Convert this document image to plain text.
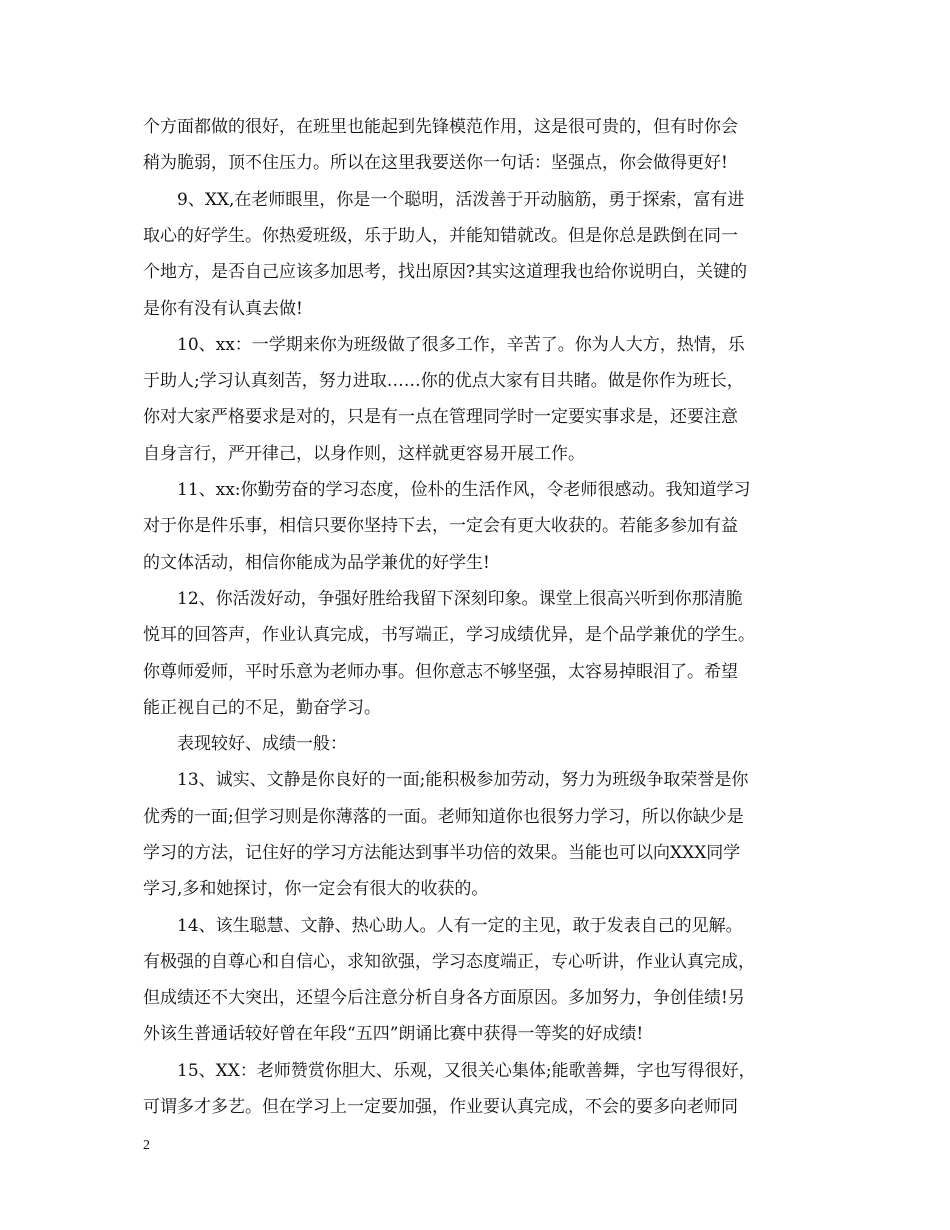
个方面都做的很好，在班里也能起到先锋模范作用，这是很可贵的，但有时你会
稍为脆弱，顶不住压力。所以在这里我要送你一句话：坚强点，你会做得更好!
9、XX,在老师眼里，你是一个聪明，活泼善于开动脑筋，勇于探索，富有进
取心的好学生。你热爱班级，乐于助人，并能知错就改。但是你总是跌倒在同一
个地方，是否自己应该多加思考，找出原因?其实这道理我也给你说明白，关键的
是你有没有认真去做!
10、xx：一学期来你为班级做了很多工作，辛苦了。你为人大方，热情，乐
于助人;学习认真刻苦，努力进取……你的优点大家有目共睹。做是你作为班长，
你对大家严格要求是对的，只是有一点在管理同学时一定要实事求是，还要注意
自身言行，严开律己，以身作则，这样就更容易开展工作。
11、xx:你勤劳奋的学习态度，俭朴的生活作风，令老师很感动。我知道学习
对于你是件乐事，相信只要你坚持下去，一定会有更大收获的。若能多参加有益
的文体活动，相信你能成为品学兼优的好学生!
12、你活泼好动，争强好胜给我留下深刻印象。课堂上很高兴听到你那清脆
悦耳的回答声，作业认真完成，书写端正，学习成绩优异，是个品学兼优的学生。
你尊师爱师，平时乐意为老师办事。但你意志不够坚强，太容易掉眼泪了。希望
能正视自己的不足，勤奋学习。
表现较好、成绩一般：
13、诚实、文静是你良好的一面;能积极参加劳动，努力为班级争取荣誉是你
优秀的一面;但学习则是你薄落的一面。老师知道你也很努力学习，所以你缺少是
学习的方法，记住好的学习方法能达到事半功倍的效果。当能也可以向XXX同学
学习,多和她探讨，你一定会有很大的收获的。
14、该生聪慧、文静、热心助人。人有一定的主见，敢于发表自己的见解。
有极强的自尊心和自信心，求知欲强，学习态度端正，专心听讲，作业认真完成，
但成绩还不大突出，还望今后注意分析自身各方面原因。多加努力，争创佳绩!另
外该生普通话较好曾在年段“五四”朗诵比赛中获得一等奖的好成绩!
15、XX：老师赞赏你胆大、乐观，又很关心集体;能歌善舞，字也写得很好，
可谓多才多艺。但在学习上一定要加强，作业要认真完成，不会的要多向老师同
2
